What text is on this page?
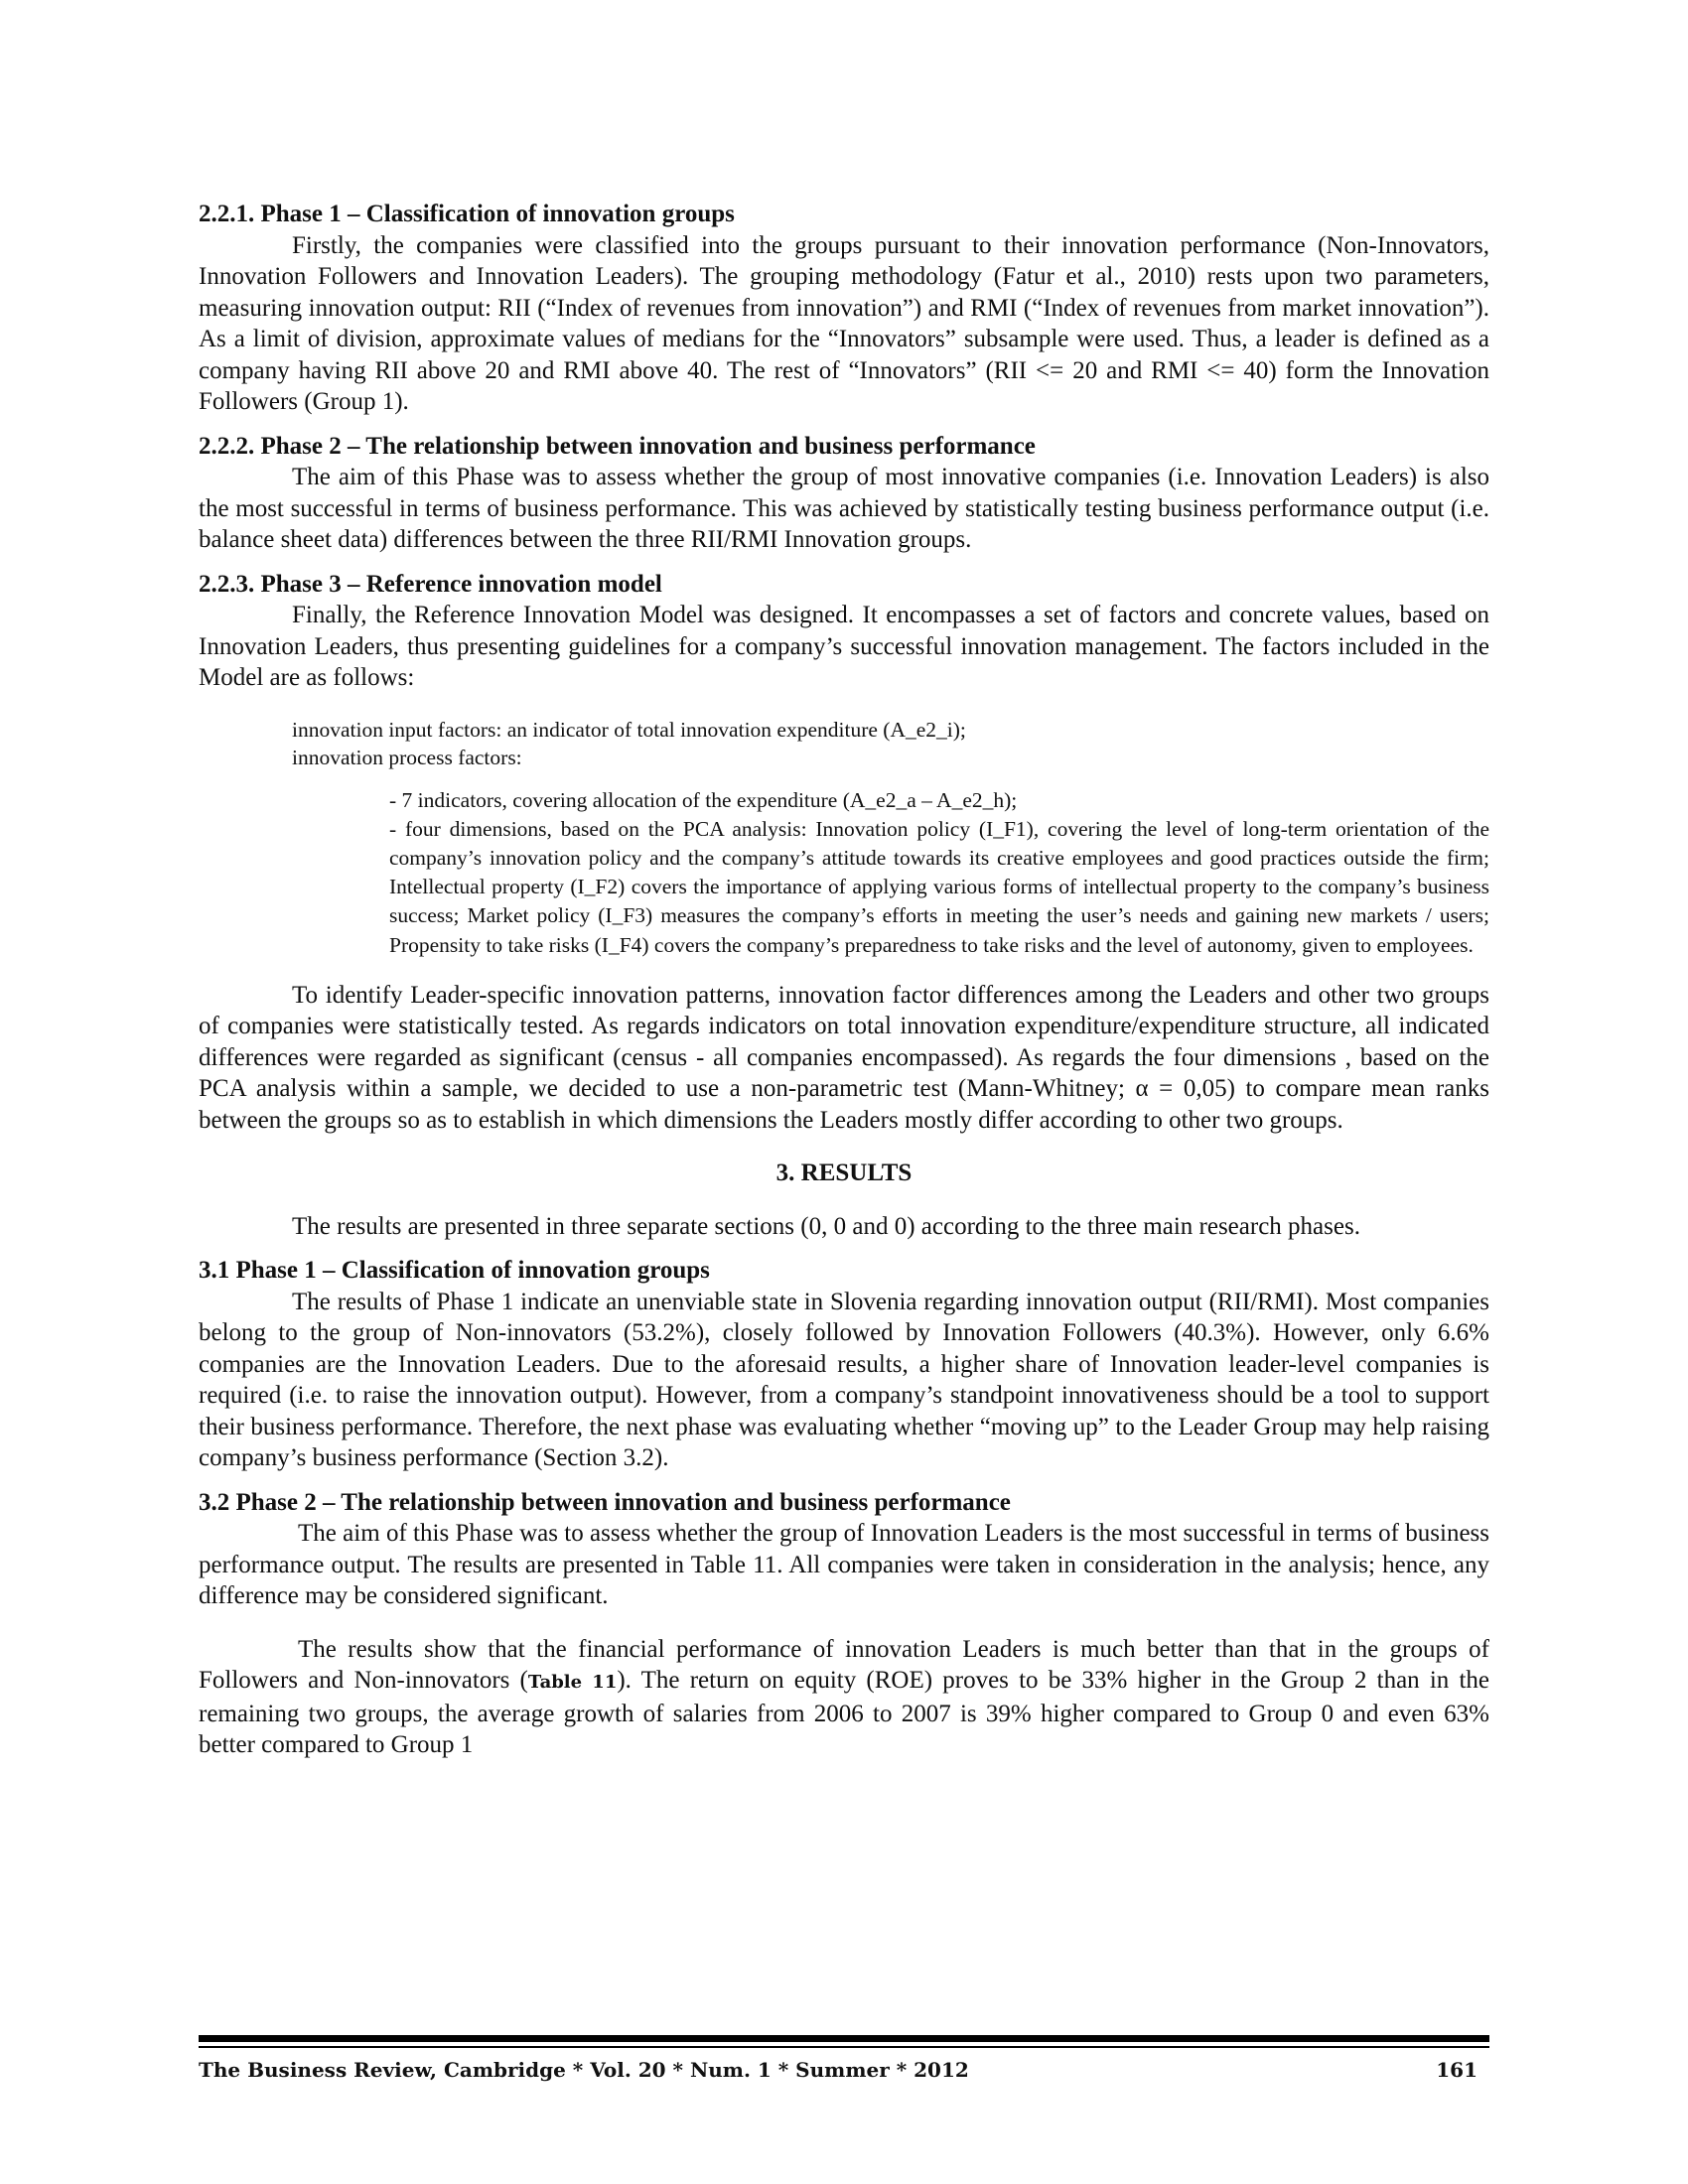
2.2.1. Phase 1 – Classification of innovation groups

Firstly, the companies were classified into the groups pursuant to their innovation performance (Non-Innovators, Innovation Followers and Innovation Leaders). The grouping methodology (Fatur et al., 2010) rests upon two parameters, measuring innovation output: RII (“Index of revenues from innovation”) and RMI (“Index of revenues from market innovation”). As a limit of division, approximate values of medians for the “Innovators” subsample were used. Thus, a leader is defined as a company having RII above 20 and RMI above 40. The rest of “Innovators” (RII <= 20 and RMI <= 40) form the Innovation Followers (Group 1).

2.2.2. Phase 2 – The relationship between innovation and business performance

The aim of this Phase was to assess whether the group of most innovative companies (i.e. Innovation Leaders) is also the most successful in terms of business performance. This was achieved by statistically testing business performance output (i.e. balance sheet data) differences between the three RII/RMI Innovation groups.

2.2.3. Phase 3 – Reference innovation model

Finally, the Reference Innovation Model was designed. It encompasses a set of factors and concrete values, based on Innovation Leaders, thus presenting guidelines for a company’s successful innovation management. The factors included in the Model are as follows:

innovation input factors: an indicator of total innovation expenditure (A_e2_i);
innovation process factors:
- 7 indicators, covering allocation of the expenditure (A_e2_a – A_e2_h);
- four dimensions, based on the PCA analysis: Innovation policy (I_F1), covering the level of long-term orientation of the company’s innovation policy and the company’s attitude towards its creative employees and good practices outside the firm; Intellectual property (I_F2) covers the importance of applying various forms of intellectual property to the company’s business success; Market policy (I_F3) measures the company’s efforts in meeting the user’s needs and gaining new markets / users; Propensity to take risks (I_F4) covers the company’s preparedness to take risks and the level of autonomy, given to employees.

To identify Leader-specific innovation patterns, innovation factor differences among the Leaders and other two groups of companies were statistically tested. As regards indicators on total innovation expenditure/expenditure structure, all indicated differences were regarded as significant (census - all companies encompassed). As regards the four dimensions , based on the PCA analysis within a sample, we decided to use a non-parametric test (Mann-Whitney; α = 0,05) to compare mean ranks between the groups so as to establish in which dimensions the Leaders mostly differ according to other two groups.

3. RESULTS

The results are presented in three separate sections (0, 0 and 0) according to the three main research phases.

3.1 Phase 1 – Classification of innovation groups

The results of Phase 1 indicate an unenviable state in Slovenia regarding innovation output (RII/RMI). Most companies belong to the group of Non-innovators (53.2%), closely followed by Innovation Followers (40.3%). However, only 6.6% companies are the Innovation Leaders. Due to the aforesaid results, a higher share of Innovation leader-level companies is required (i.e. to raise the innovation output). However, from a company’s standpoint innovativeness should be a tool to support their business performance. Therefore, the next phase was evaluating whether “moving up” to the Leader Group may help raising company’s business performance (Section 3.2).

3.2 Phase 2 – The relationship between innovation and business performance

The aim of this Phase was to assess whether the group of Innovation Leaders is the most successful in terms of business performance output. The results are presented in Table 11. All companies were taken in consideration in the analysis; hence, any difference may be considered significant.

The results show that the financial performance of innovation Leaders is much better than that in the groups of Followers and Non-innovators (Table 11). The return on equity (ROE) proves to be 33% higher in the Group 2 than in the remaining two groups, the average growth of salaries from 2006 to 2007 is 39% higher compared to Group 0 and even 63% better compared to Group 1

The Business Review, Cambridge * Vol. 20 * Num. 1 * Summer * 2012	161
